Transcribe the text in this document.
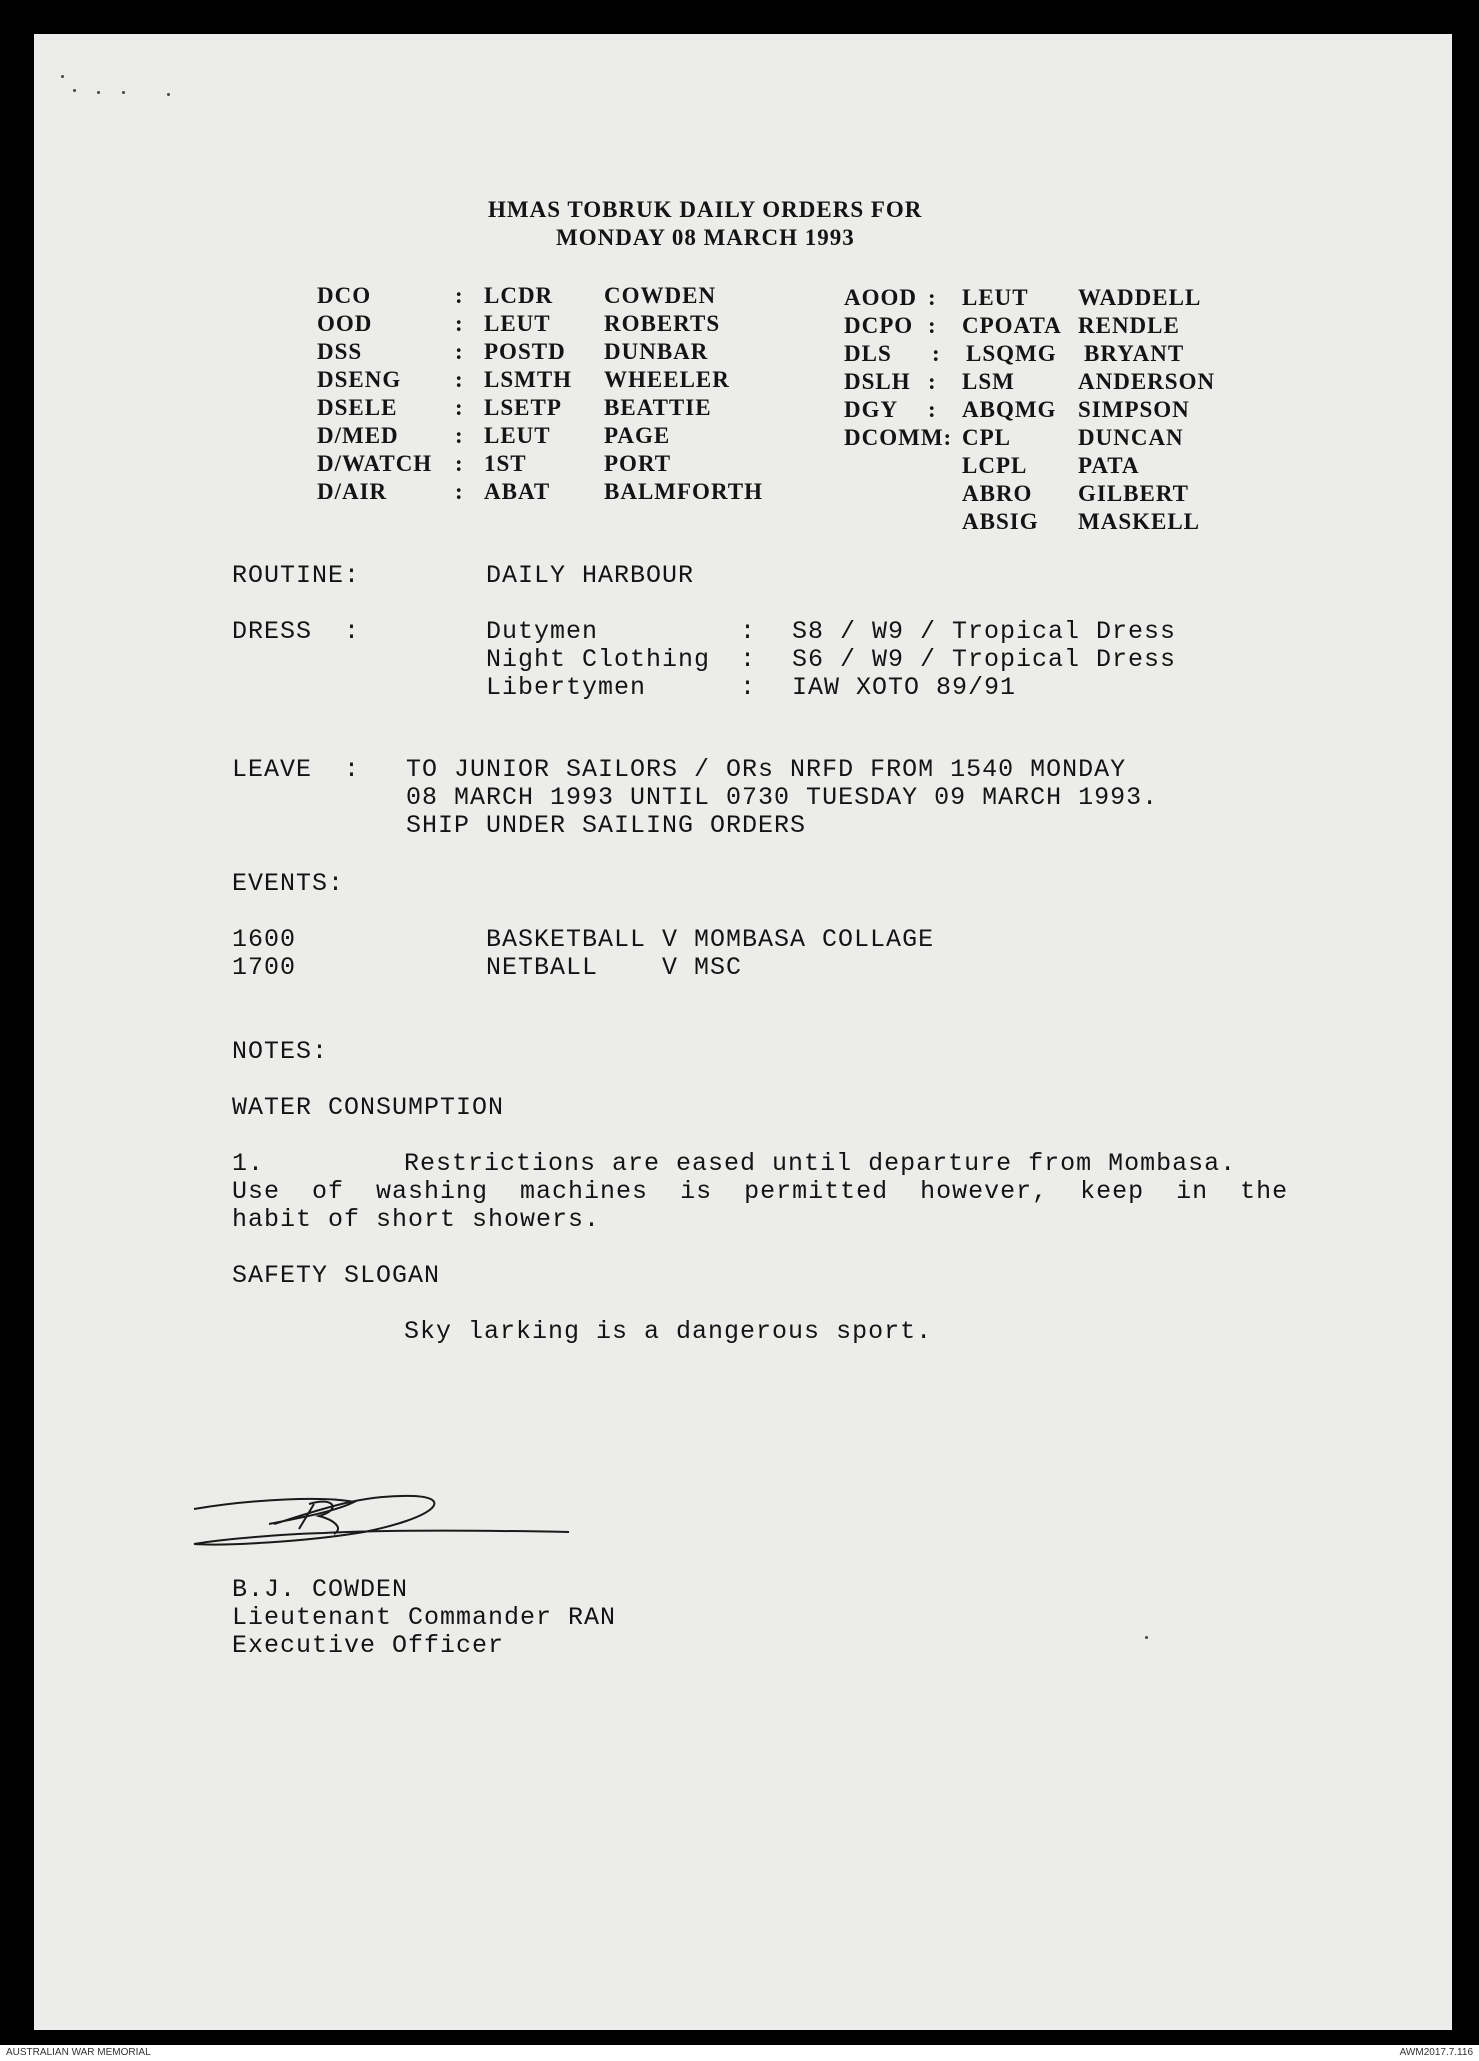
HMAS TOBRUK DAILY ORDERS FOR
MONDAY 08 MARCH 1993
DCO	: LCDR COWDEN
OOD	: LEUT ROBERTS
DSS	: POSTD DUNBAR
DSENG : LSMTH WHEELER
DSELE	: LSETP BEATTIE
D/MED : LEUT PAGE
D/WATCH : 1ST	PORT
D/AIR	: ABAT BALMFORTH
AOOD : LEUT WADDELL
DCPO : CPOATA RENDLE
DLS : LSQMG BRYANT
DSLH : LSM	ANDERSON
DGY : ABQMG SIMPSON
DCOMM: CPL	DUNCAN
LCPL PATA
ABRO GILBERT
ABSIG MASKELL
ROUTINE:	DAILY HARBOUR
DRESS  :	Dutymen	: S8 / W9 / Tropical Dress
Night Clothing : S6 / W9 / Tropical Dress
Libertymen	: IAW XOTO 89/91
LEAVE  : TO JUNIOR SAILORS / ORs NRFD FROM 1540 MONDAY
08 MARCH 1993 UNTIL 0730 TUESDAY 09 MARCH 1993.
SHIP UNDER SAILING ORDERS
EVENTS:
1600	BASKETBALL V MOMBASA COLLAGE
1700	NETBALL    V MSC
NOTES:
WATER CONSUMPTION
1.	Restrictions are eased until departure from Mombasa.
Use  of  washing  machines  is  permitted  however,  keep  in  the
habit of short showers.
SAFETY SLOGAN
Sky larking is a dangerous sport.
B.J. COWDEN
Lieutenant Commander RAN
Executive Officer
AUSTRALIAN WAR MEMORIAL	AWM2017.7.116
